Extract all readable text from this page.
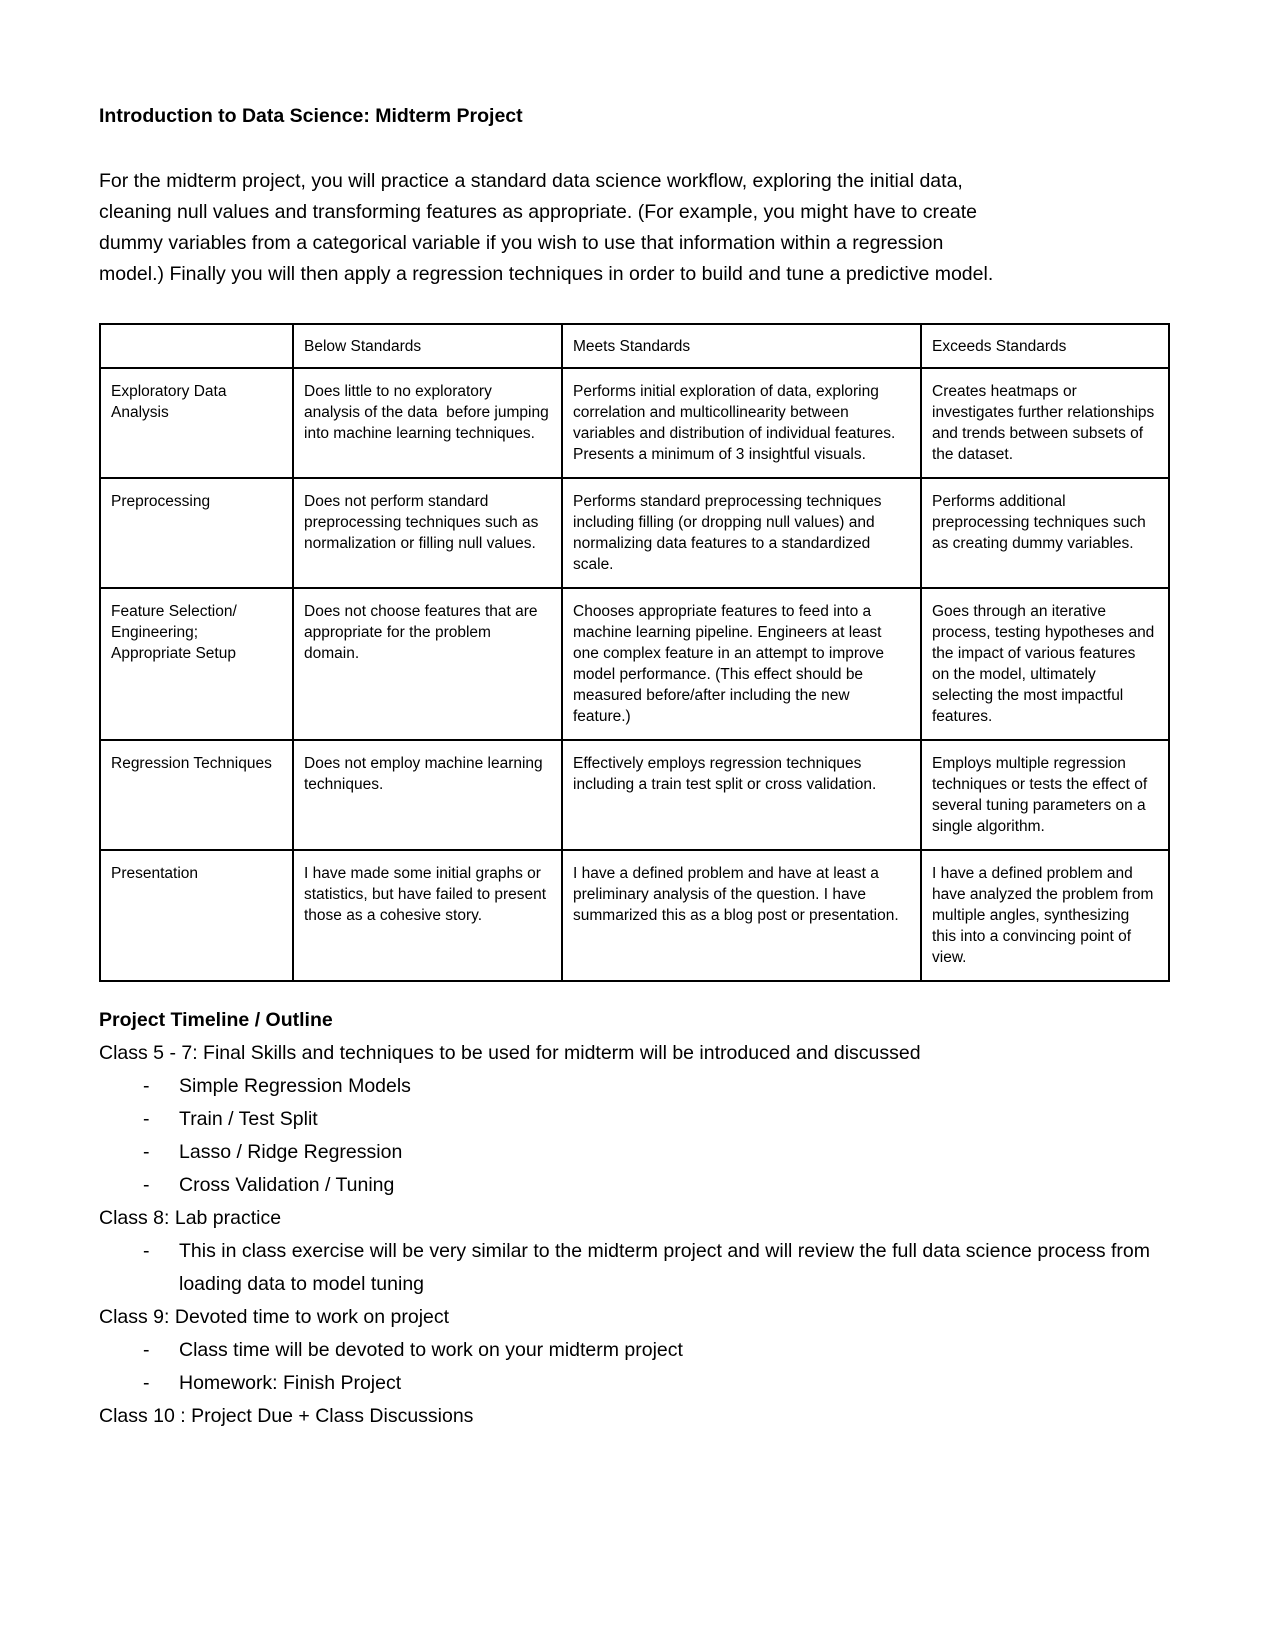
Introduction to Data Science: Midterm Project
For the midterm project, you will practice a standard data science workflow, exploring the initial data,
cleaning null values and transforming features as appropriate. (For example, you might have to create
dummy variables from a categorical variable if you wish to use that information within a regression
model.) Finally you will then apply a regression techniques in order to build and tune a predictive model.
	Below Standards	Meets Standards	Exceeds Standards
Exploratory Data Analysis	Does little to no exploratory analysis of the data  before jumping into machine learning techniques.	Performs initial exploration of data, exploring correlation and multicollinearity between variables and distribution of individual features. Presents a minimum of 3 insightful visuals.	Creates heatmaps or investigates further relationships and trends between subsets of the dataset.
Preprocessing	Does not perform standard preprocessing techniques such as normalization or filling null values.	Performs standard preprocessing techniques including filling (or dropping null values) and normalizing data features to a standardized scale.	Performs additional preprocessing techniques such as creating dummy variables.
Feature Selection/ Engineering; Appropriate Setup	Does not choose features that are appropriate for the problem domain.	Chooses appropriate features to feed into a machine learning pipeline. Engineers at least one complex feature in an attempt to improve model performance. (This effect should be measured before/after including the new feature.)	Goes through an iterative process, testing hypotheses and the impact of various features on the model, ultimately selecting the most impactful features.
Regression Techniques	Does not employ machine learning techniques.	Effectively employs regression techniques including a train test split or cross validation.	Employs multiple regression techniques or tests the effect of several tuning parameters on a single algorithm.
Presentation	I have made some initial graphs or statistics, but have failed to present those as a cohesive story.	I have a defined problem and have at least a preliminary analysis of the question. I have summarized this as a blog post or presentation.	I have a defined problem and have analyzed the problem from multiple angles, synthesizing this into a convincing point of view.
Project Timeline / Outline
Class 5 - 7: Final Skills and techniques to be used for midterm will be introduced and discussed
- Simple Regression Models
- Train / Test Split
- Lasso / Ridge Regression
- Cross Validation / Tuning
Class 8: Lab practice
- This in class exercise will be very similar to the midterm project and will review the full data science process from loading data to model tuning
Class 9: Devoted time to work on project
- Class time will be devoted to work on your midterm project
- Homework: Finish Project
Class 10 : Project Due + Class Discussions
